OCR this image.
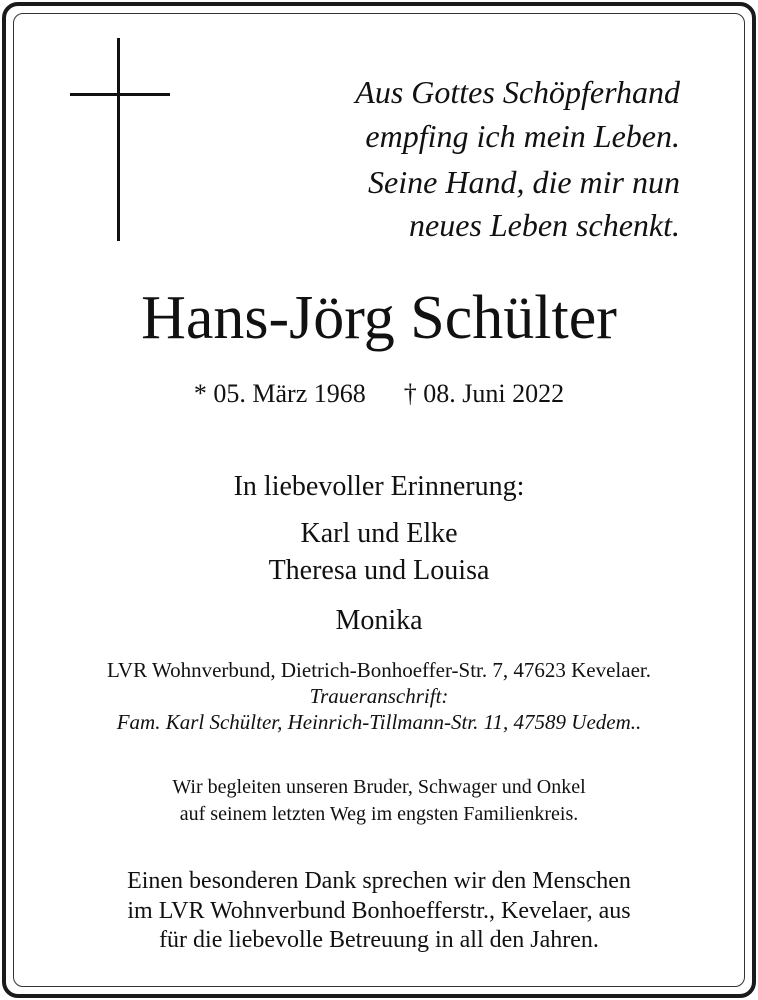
Aus Gottes Schöpferhand
empfing ich mein Leben.
Seine Hand, die mir nun
neues Leben schenkt.
Hans-Jörg Schülter
* 05. März 1968 † 08. Juni 2022
In liebevoller Erinnerung:
Karl und Elke
Theresa und Louisa
Monika
LVR Wohnverbund, Dietrich-Bonhoeffer-Str. 7, 47623 Kevelaer.
Traueranschrift:
Fam. Karl Schülter, Heinrich-Tillmann-Str. 11, 47589 Uedem..
Wir begleiten unseren Bruder, Schwager und Onkel
auf seinem letzten Weg im engsten Familienkreis.
Einen besonderen Dank sprechen wir den Menschen
im LVR Wohnverbund Bonhoefferstr., Kevelaer, aus
für die liebevolle Betreuung in all den Jahren.
